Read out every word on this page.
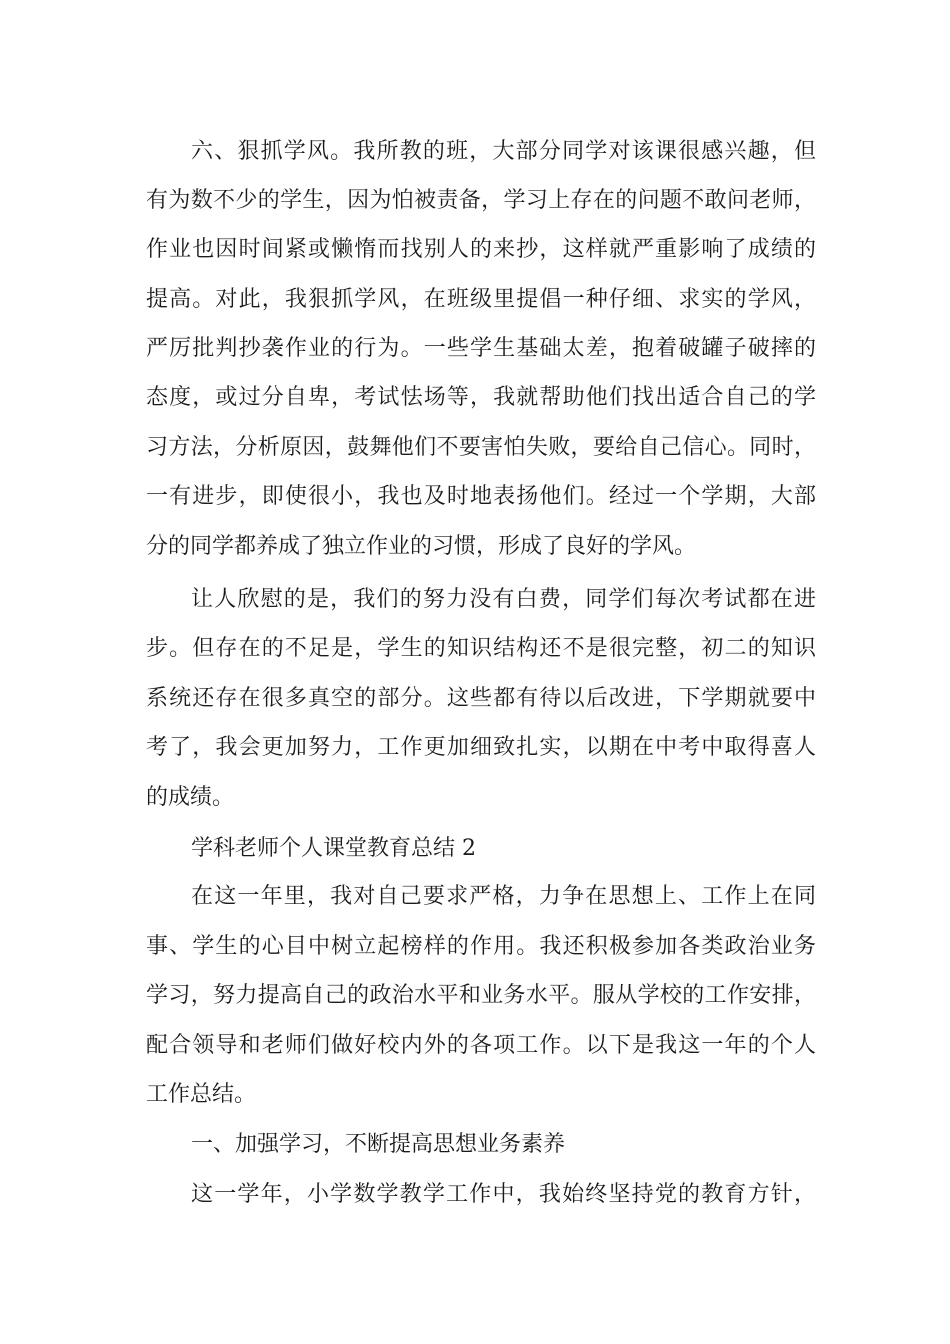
六、狠抓学风。我所教的班，大部分同学对该课很感兴趣，但
有为数不少的学生，因为怕被责备，学习上存在的问题不敢问老师，
作业也因时间紧或懒惰而找别人的来抄，这样就严重影响了成绩的
提高。对此，我狠抓学风，在班级里提倡一种仔细、求实的学风，
严厉批判抄袭作业的行为。一些学生基础太差，抱着破罐子破摔的
态度，或过分自卑，考试怯场等，我就帮助他们找出适合自己的学
习方法，分析原因，鼓舞他们不要害怕失败，要给自己信心。同时，
一有进步，即使很小，我也及时地表扬他们。经过一个学期，大部
分的同学都养成了独立作业的习惯，形成了良好的学风。
让人欣慰的是，我们的努力没有白费，同学们每次考试都在进
步。但存在的不足是，学生的知识结构还不是很完整，初二的知识
系统还存在很多真空的部分。这些都有待以后改进，下学期就要中
考了，我会更加努力，工作更加细致扎实，以期在中考中取得喜人
的成绩。
学科老师个人课堂教育总结 2
在这一年里，我对自己要求严格，力争在思想上、工作上在同
事、学生的心目中树立起榜样的作用。我还积极参加各类政治业务
学习，努力提高自己的政治水平和业务水平。服从学校的工作安排，
配合领导和老师们做好校内外的各项工作。以下是我这一年的个人
工作总结。
一、加强学习，不断提高思想业务素养
这一学年，小学数学教学工作中，我始终坚持党的教育方针，
